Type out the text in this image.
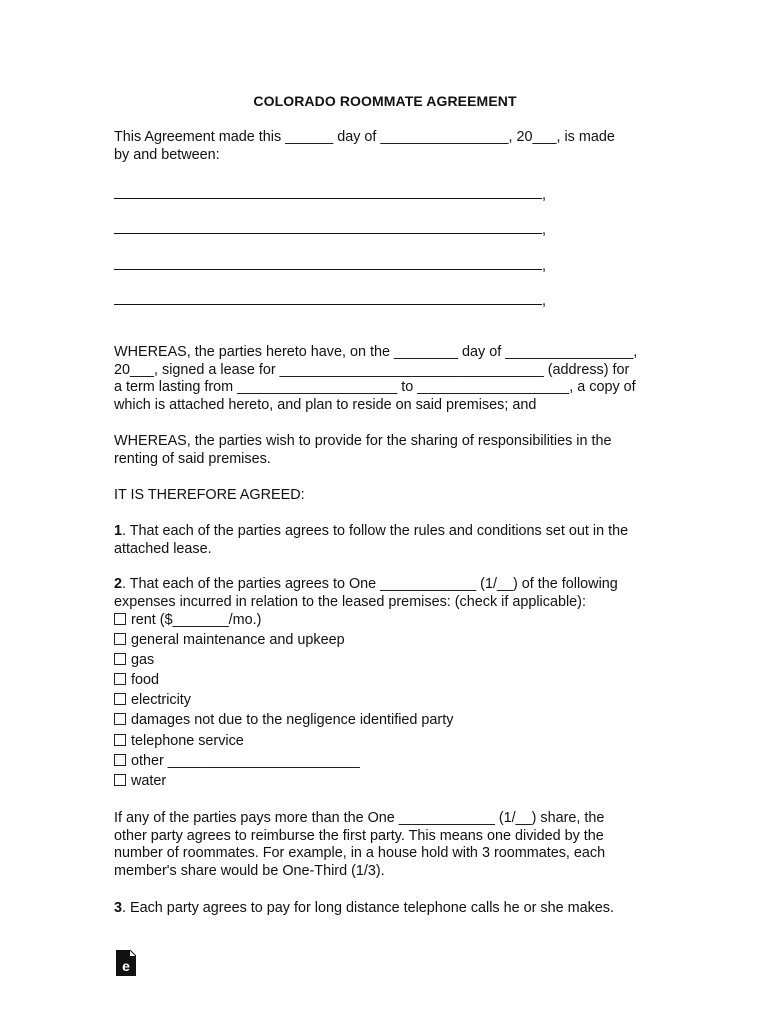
COLORADO ROOMMATE AGREEMENT
This Agreement made this ______ day of ________________, 20___, is made
by and between:
,
,
,
,
WHEREAS, the parties hereto have, on the ________ day of ________________,
20___, signed a lease for _________________________________ (address) for
a term lasting from ____________________ to ___________________, a copy of
which is attached hereto, and plan to reside on said premises; and
WHEREAS, the parties wish to provide for the sharing of responsibilities in the
renting of said premises.
IT IS THEREFORE AGREED:
1. That each of the parties agrees to follow the rules and conditions set out in the
attached lease.
2. That each of the parties agrees to One ____________ (1/__) of the following
expenses incurred in relation to the leased premises: (check if applicable):
rent ($_______/mo.)
general maintenance and upkeep
gas
food
electricity
damages not due to the negligence identified party
telephone service
other ________________________
water
If any of the parties pays more than the One ____________ (1/__) share, the
other party agrees to reimburse the first party. This means one divided by the
number of roommates. For example, in a house hold with 3 roommates, each
member's share would be One-Third (1/3).
3. Each party agrees to pay for long distance telephone calls he or she makes.
e
